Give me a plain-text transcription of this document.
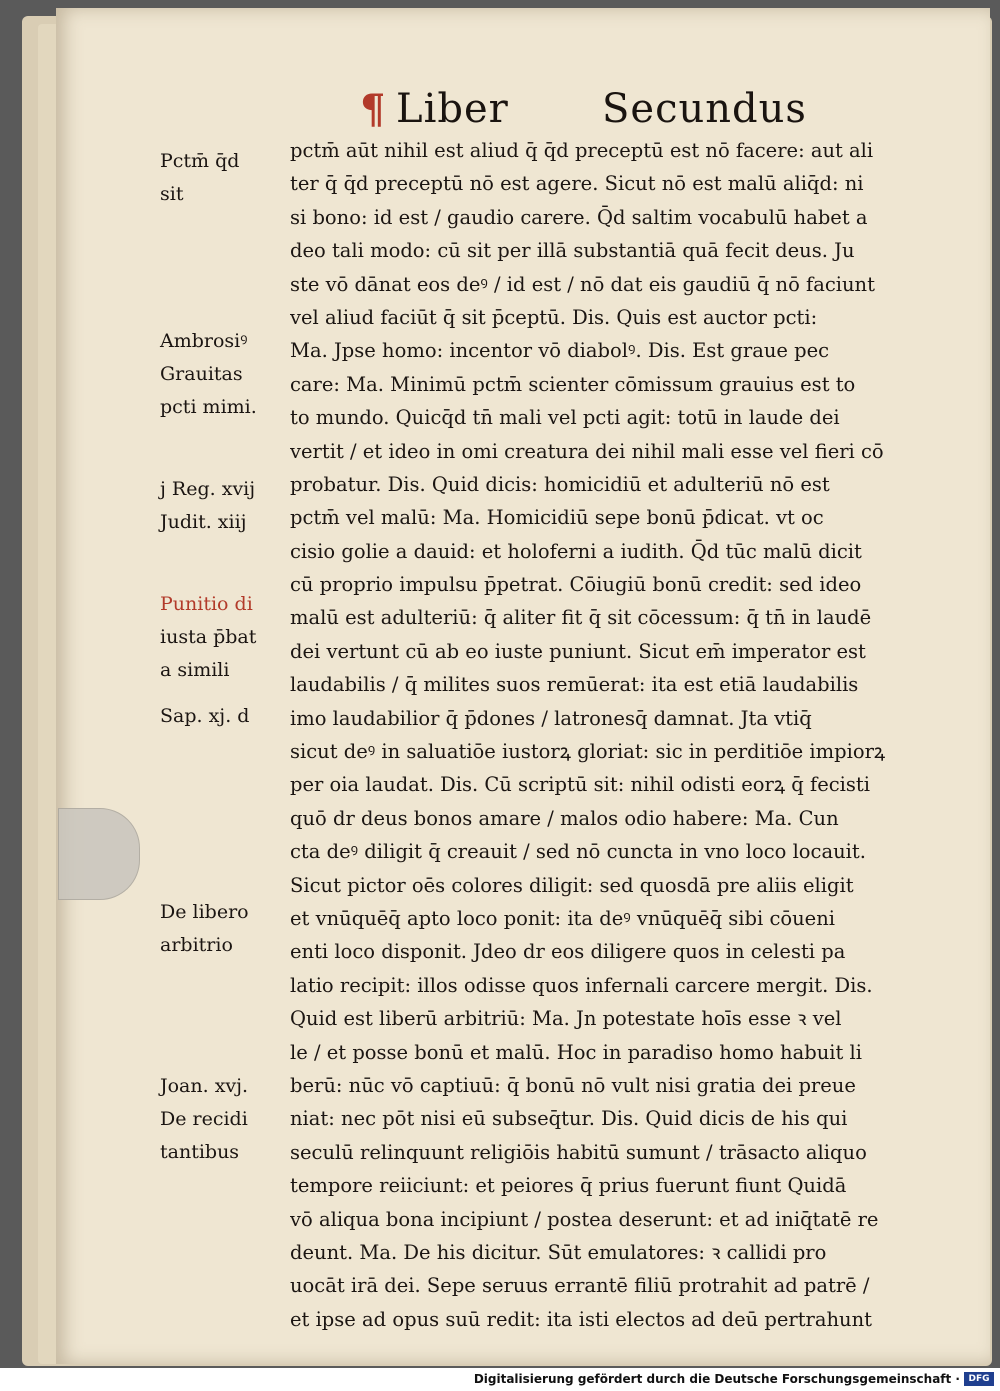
¶ Liber Secundus
pctm̄ aūt nihil est aliud q̄ q̄d preceptū est nō facere: aut ali
ter q̄ q̄d preceptū nō est agere. Sicut nō est malū aliq̄d: ni
si bono: id est / gaudio carere. Q̄d saltim vocabulū habet a
deo tali modo: cū sit per illā substantiā quā fecit deus. Ju
ste vō dānat eos deꝰ / id est / nō dat eis gaudiū q̄ nō faciunt
vel aliud faciūt q̄ sit p̄ceptū. Dis. Quis est auctor pcti:
Ma. Jpse homo: incentor vō diabolꝰ. Dis. Est graue pec
care: Ma. Minimū pctm̄ scienter cōmissum grauius est to
to mundo. Quicq̄d tn̄ mali vel pcti agit: totū in laude dei
vertit / et ideo in omi creatura dei nihil mali esse vel fieri cō
probatur. Dis. Quid dicis: homicidiū et adulteriū nō est
pctm̄ vel malū: Ma. Homicidiū sepe bonū p̄dicat. vt oc
cisio golie a dauid: et holoferni a iudith. Q̄d tūc malū dicit
cū proprio impulsu p̄petrat. Cōiugiū bonū credit: sed ideo
malū est adulteriū: q̄ aliter fit q̄ sit cōcessum: q̄ tn̄ in laudē
dei vertunt cū ab eo iuste puniunt. Sicut em̄ imperator est
laudabilis / q̄ milites suos remūerat: ita est etiā laudabilis
imo laudabilior q̄ p̄dones / latronesq̄ damnat. Jta vtiq̄
sicut deꝰ in saluatiōe iustorꝝ gloriat: sic in perditiōe impiorꝝ
per oia laudat. Dis. Cū scriptū sit: nihil odisti eorꝝ q̄ fecisti
quō dr deus bonos amare / malos odio habere: Ma. Cun
cta deꝰ diligit q̄ creauit / sed nō cuncta in vno loco locauit.
Sicut pictor oēs colores diligit: sed quosdā pre aliis eligit
et vnūquēq̄ apto loco ponit: ita deꝰ vnūquēq̄ sibi cōueni
enti loco disponit. Jdeo dr eos diligere quos in celesti pa
latio recipit: illos odisse quos infernali carcere mergit. Dis.
Quid est liberū arbitriū: Ma. Jn potestate hoīs esse ꝛ vel
le / et posse bonū et malū. Hoc in paradiso homo habuit li
berū: nūc vō captiuū: q̄ bonū nō vult nisi gratia dei preue
niat: nec pōt nisi eū subseq̄tur. Dis. Quid dicis de his qui
seculū relinquunt religiōis habitū sumunt / trāsacto aliquo
tempore reiiciunt: et peiores q̄ prius fuerunt fiunt Quidā
vō aliqua bona incipiunt / postea deserunt: et ad iniq̄tatē re
deunt. Ma. De his dicitur. Sūt emulatores: ꝛ callidi pro
uocāt irā dei. Sepe seruus errantē filiū protrahit ad patrē /
et ipse ad opus suū redit: ita isti electos ad deū pertrahunt
Pctm̄ q̄d
sit
Ambrosiꝰ
Grauitas
pcti mimi.
j Reg. xvij
Judit. xiij
Punitio di
iusta p̄bat
a simili
Sap. xj. d
De libero
arbitrio
Joan. xvj.
De recidi
tantibus
Digitalisierung gefördert durch die Deutsche Forschungsgemeinschaft · DFG
